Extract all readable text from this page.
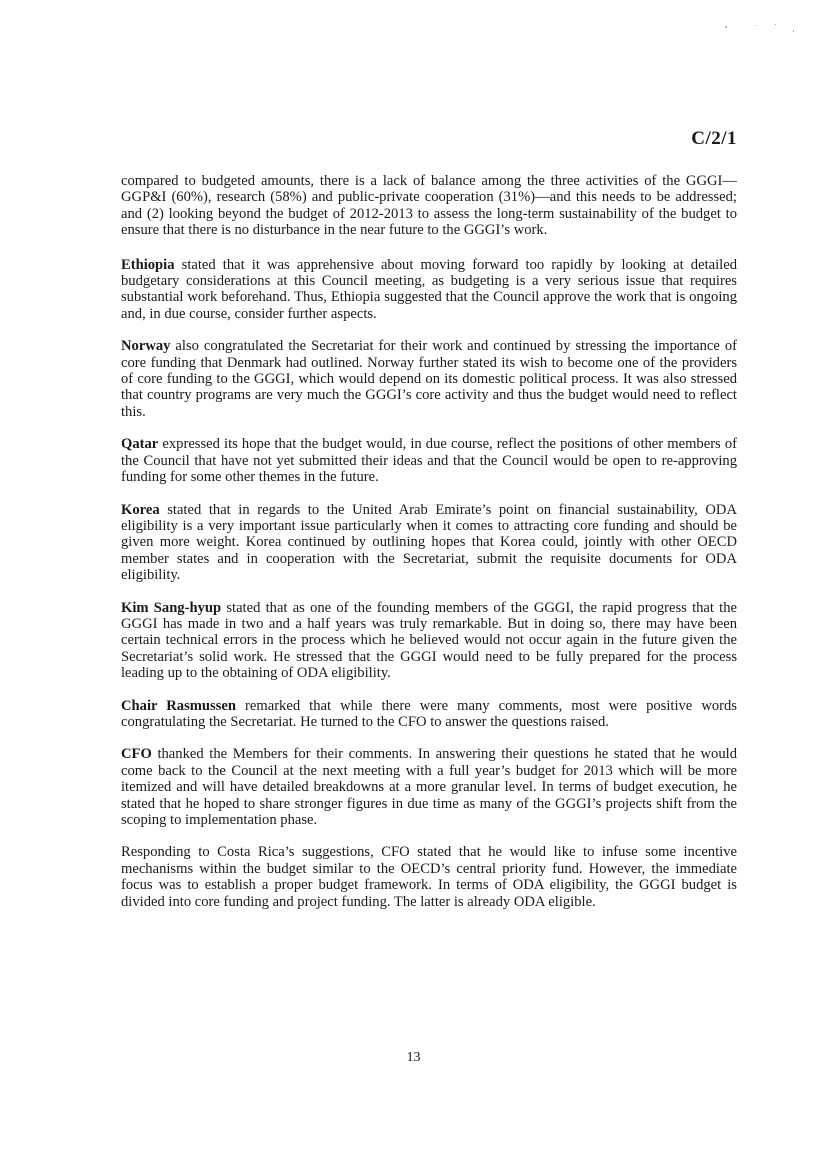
C/2/1

compared to budgeted amounts, there is a lack of balance among the three activities of the GGGI— GGP&I (60%), research (58%) and public-private cooperation (31%)—and this needs to be addressed; and (2) looking beyond the budget of 2012-2013 to assess the long-term sustainability of the budget to ensure that there is no disturbance in the near future to the GGGI’s work.

Ethiopia stated that it was apprehensive about moving forward too rapidly by looking at detailed budgetary considerations at this Council meeting, as budgeting is a very serious issue that requires substantial work beforehand. Thus, Ethiopia suggested that the Council approve the work that is ongoing and, in due course, consider further aspects.

Norway also congratulated the Secretariat for their work and continued by stressing the importance of core funding that Denmark had outlined. Norway further stated its wish to become one of the providers of core funding to the GGGI, which would depend on its domestic political process. It was also stressed that country programs are very much the GGGI’s core activity and thus the budget would need to reflect this.

Qatar expressed its hope that the budget would, in due course, reflect the positions of other members of the Council that have not yet submitted their ideas and that the Council would be open to re-approving funding for some other themes in the future.

Korea stated that in regards to the United Arab Emirate’s point on financial sustainability, ODA eligibility is a very important issue particularly when it comes to attracting core funding and should be given more weight. Korea continued by outlining hopes that Korea could, jointly with other OECD member states and in cooperation with the Secretariat, submit the requisite documents for ODA eligibility.

Kim Sang-hyup stated that as one of the founding members of the GGGI, the rapid progress that the GGGI has made in two and a half years was truly remarkable. But in doing so, there may have been certain technical errors in the process which he believed would not occur again in the future given the Secretariat’s solid work. He stressed that the GGGI would need to be fully prepared for the process leading up to the obtaining of ODA eligibility.

Chair Rasmussen remarked that while there were many comments, most were positive words congratulating the Secretariat. He turned to the CFO to answer the questions raised.

CFO thanked the Members for their comments. In answering their questions he stated that he would come back to the Council at the next meeting with a full year’s budget for 2013 which will be more itemized and will have detailed breakdowns at a more granular level. In terms of budget execution, he stated that he hoped to share stronger figures in due time as many of the GGGI’s projects shift from the scoping to implementation phase.

Responding to Costa Rica’s suggestions, CFO stated that he would like to infuse some incentive mechanisms within the budget similar to the OECD’s central priority fund. However, the immediate focus was to establish a proper budget framework. In terms of ODA eligibility, the GGGI budget is divided into core funding and project funding. The latter is already ODA eligible.

13
